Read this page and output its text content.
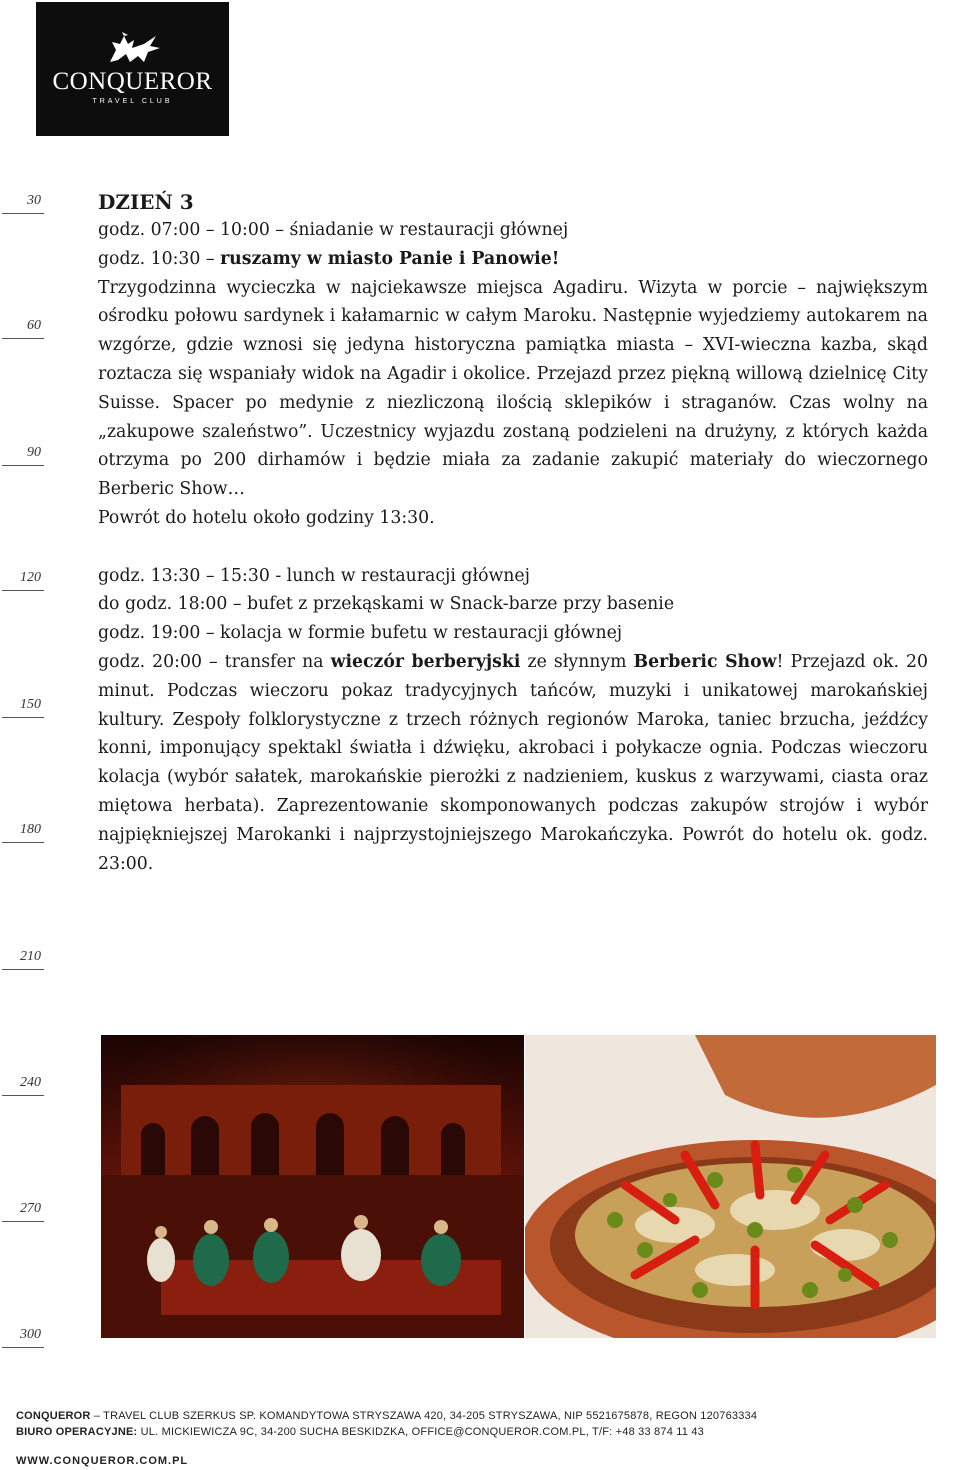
CONQUEROR
TRAVEL CLUB
30
60
90
120
150
180
210
240
270
300

DZIEŃ 3

godz. 07:00 – 10:00 – śniadanie w restauracji głównej

godz. 10:30 – ruszamy w miasto Panie i Panowie!

Trzygodzinna wycieczka w najciekawsze miejsca Agadiru. Wizyta w porcie – największym ośrodku połowu sardynek i kałamarnic w całym Maroku. Następnie wyjedziemy autokarem na wzgórze, gdzie wznosi się jedyna historyczna pamiątka miasta – XVI-wieczna kazba, skąd roztacza się wspaniały widok na Agadir i okolice. Przejazd przez piękną willową dzielnicę City Suisse. Spacer po medynie z niezliczoną ilością sklepików i straganów. Czas wolny na „zakupowe szaleństwo”. Uczestnicy wyjazdu zostaną podzieleni na drużyny, z których każda otrzyma po 200 dirhamów i będzie miała za zadanie zakupić materiały do wieczornego Berberic Show…

Powrót do hotelu około godziny 13:30.

godz. 13:30 – 15:30 - lunch w restauracji głównej

do godz. 18:00 – bufet z przekąskami w Snack-barze przy basenie

godz. 19:00 – kolacja w formie bufetu w restauracji głównej

godz. 20:00 – transfer na wieczór berberyjski ze słynnym Berberic Show! Przejazd ok. 20 minut. Podczas wieczoru pokaz tradycyjnych tańców, muzyki i unikatowej marokańskiej kultury. Zespoły folklorystyczne z trzech różnych regionów Maroka, taniec brzucha, jeźdźcy konni, imponujący spektakl światła i dźwięku, akrobaci i połykacze ognia. Podczas wieczoru kolacja (wybór sałatek, marokańskie pierożki z nadzieniem, kuskus z warzywami, ciasta oraz miętowa herbata). Zaprezentowanie skomponowanych podczas zakupów strojów i wybór najpiękniejszej Marokanki i najprzystojniejszego Marokańczyka. Powrót do hotelu ok. godz. 23:00.

CONQUEROR – TRAVEL CLUB SZERKUS SP. KOMANDYTOWA STRYSZAWA 420, 34-205 STRYSZAWA, NIP 5521675878, REGON 120763334
BIURO OPERACYJNE: UL. MICKIEWICZA 9C, 34-200 SUCHA BESKIDZKA, OFFICE@CONQUEROR.COM.PL, T/F: +48 33 874 11 43
WWW.CONQUEROR.COM.PL
